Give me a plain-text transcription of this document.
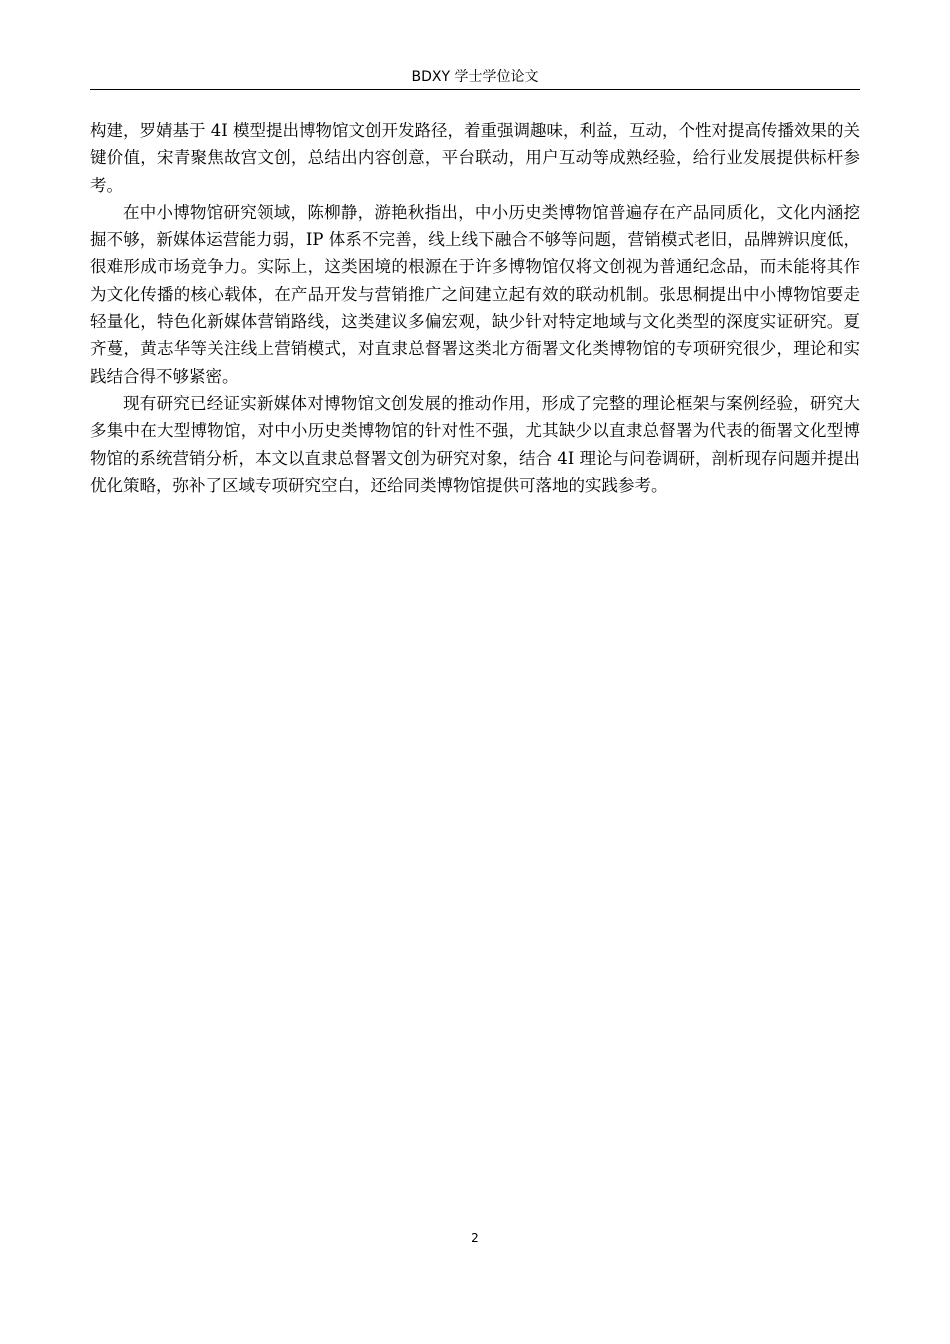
BDXY 学士学位论文

构建，罗婧基于 4I 模型提出博物馆文创开发路径，着重强调趣味，利益，互动，个性对提高传播效果的关键价值，宋青聚焦故宫文创，总结出内容创意，平台联动，用户互动等成熟经验，给行业发展提供标杆参考。

在中小博物馆研究领域，陈柳静，游艳秋指出，中小历史类博物馆普遍存在产品同质化，文化内涵挖掘不够，新媒体运营能力弱，IP 体系不完善，线上线下融合不够等问题，营销模式老旧，品牌辨识度低，很难形成市场竞争力。实际上，这类困境的根源在于许多博物馆仅将文创视为普通纪念品，而未能将其作为文化传播的核心载体，在产品开发与营销推广之间建立起有效的联动机制。张思桐提出中小博物馆要走轻量化，特色化新媒体营销路线，这类建议多偏宏观，缺少针对特定地域与文化类型的深度实证研究。夏齐蔓，黄志华等关注线上营销模式，对直隶总督署这类北方衙署文化类博物馆的专项研究很少，理论和实践结合得不够紧密。

现有研究已经证实新媒体对博物馆文创发展的推动作用，形成了完整的理论框架与案例经验，研究大多集中在大型博物馆，对中小历史类博物馆的针对性不强，尤其缺少以直隶总督署为代表的衙署文化型博物馆的系统营销分析，本文以直隶总督署文创为研究对象，结合 4I 理论与问卷调研，剖析现存问题并提出优化策略，弥补了区域专项研究空白，还给同类博物馆提供可落地的实践参考。

2
